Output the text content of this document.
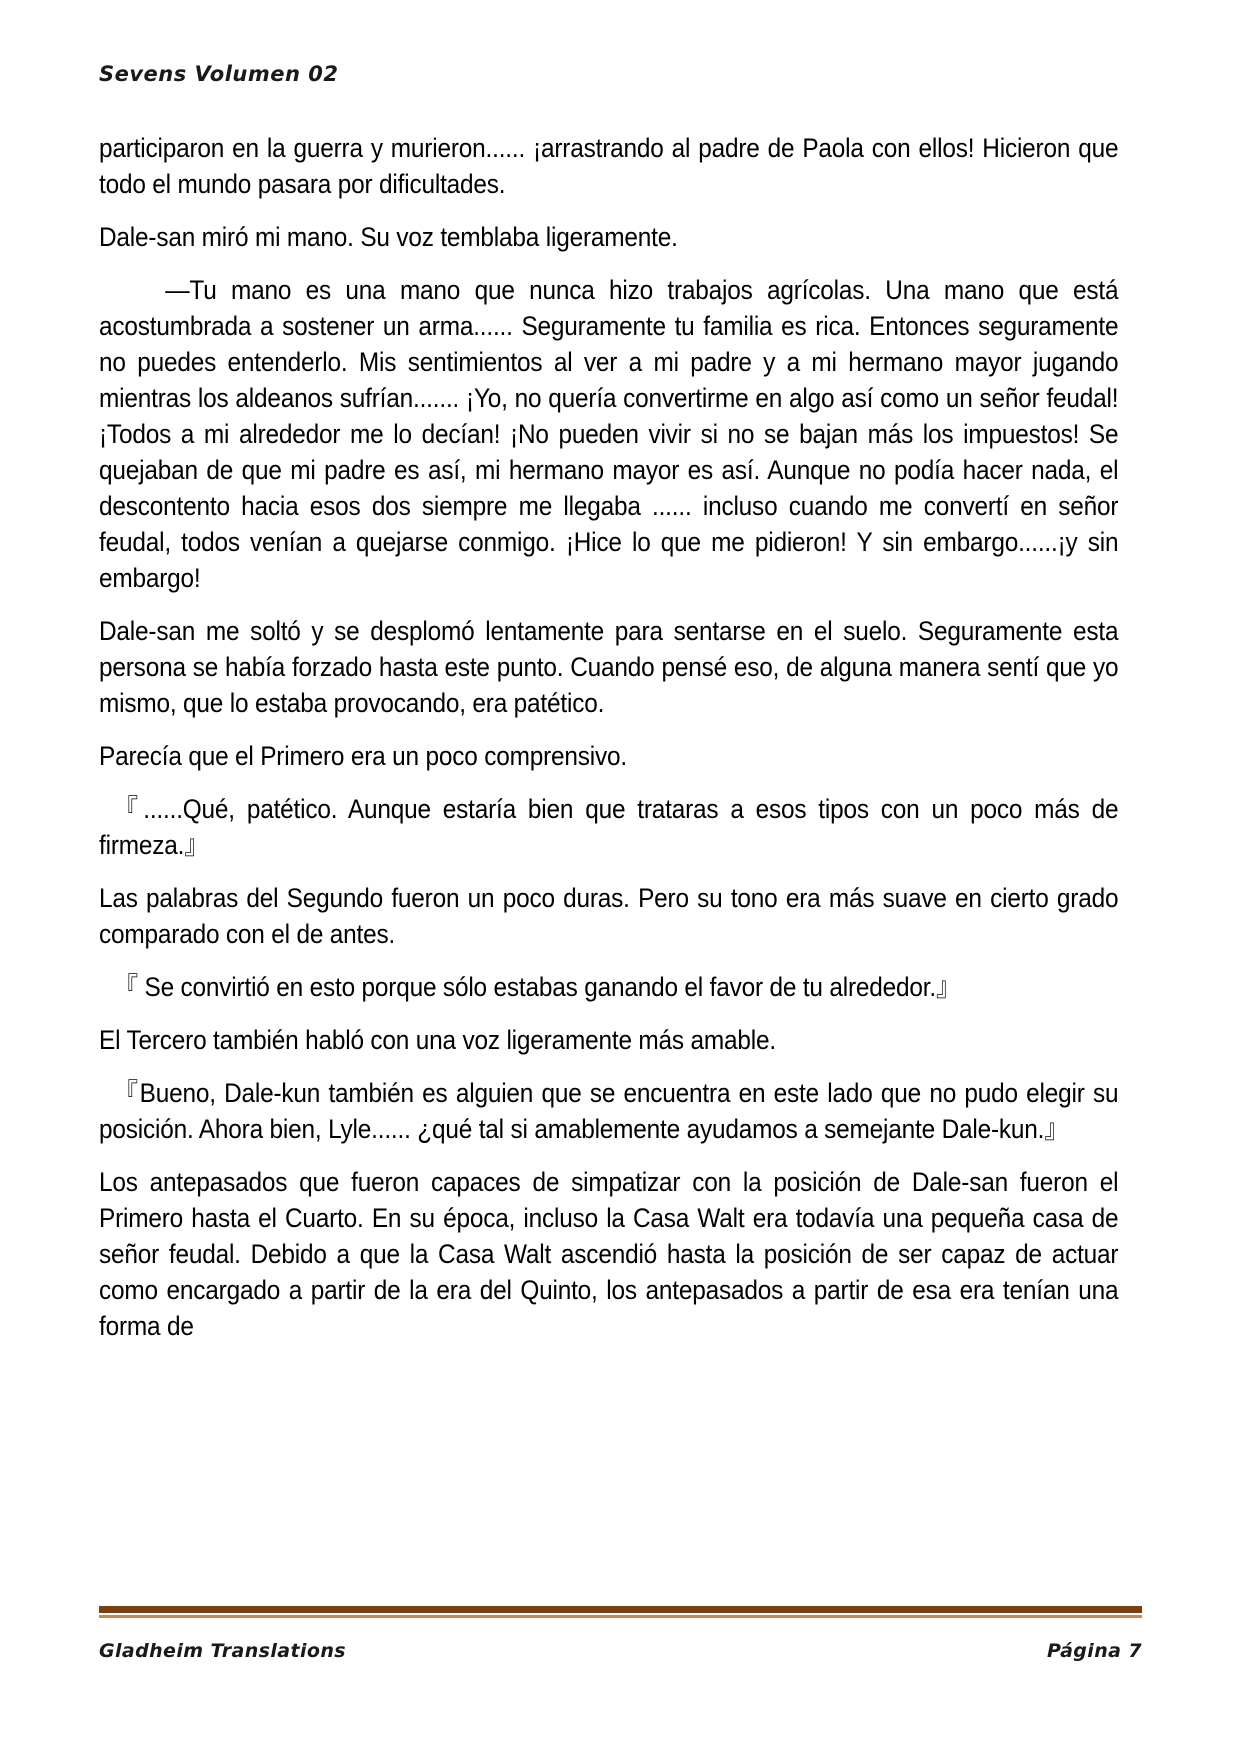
Sevens Volumen 02

participaron en la guerra y murieron...... ¡arrastrando al padre de Paola con ellos! Hicieron que todo el mundo pasara por dificultades.

Dale-san miró mi mano. Su voz temblaba ligeramente.

—Tu mano es una mano que nunca hizo trabajos agrícolas. Una mano que está acostumbrada a sostener un arma...... Seguramente tu familia es rica. Entonces seguramente no puedes entenderlo. Mis sentimientos al ver a mi padre y a mi hermano mayor jugando mientras los aldeanos sufrían....... ¡Yo, no quería convertirme en algo así como un señor feudal! ¡Todos a mi alrededor me lo decían! ¡No pueden vivir si no se bajan más los impuestos! Se quejaban de que mi padre es así, mi hermano mayor es así. Aunque no podía hacer nada, el descontento hacia esos dos siempre me llegaba ...... incluso cuando me convertí en señor feudal, todos venían a quejarse conmigo. ¡Hice lo que me pidieron! Y sin embargo......¡y sin embargo!

Dale-san me soltó y se desplomó lentamente para sentarse en el suelo. Seguramente esta persona se había forzado hasta este punto. Cuando pensé eso, de alguna manera sentí que yo mismo, que lo estaba provocando, era patético.

Parecía que el Primero era un poco comprensivo.

『......Qué, patético. Aunque estaría bien que trataras a esos tipos con un poco más de firmeza.』

Las palabras del Segundo fueron un poco duras. Pero su tono era más suave en cierto grado comparado con el de antes.

『 Se convirtió en esto porque sólo estabas ganando el favor de tu alrededor.』

El Tercero también habló con una voz ligeramente más amable.

『Bueno, Dale-kun también es alguien que se encuentra en este lado que no pudo elegir su posición. Ahora bien, Lyle...... ¿qué tal si amablemente ayudamos a semejante Dale-kun.』

Los antepasados que fueron capaces de simpatizar con la posición de Dale-san fueron el Primero hasta el Cuarto. En su época, incluso la Casa Walt era todavía una pequeña casa de señor feudal. Debido a que la Casa Walt ascendió hasta la posición de ser capaz de actuar como encargado a partir de la era del Quinto, los antepasados a partir de esa era tenían una forma de

Gladheim Translations	Página 7
